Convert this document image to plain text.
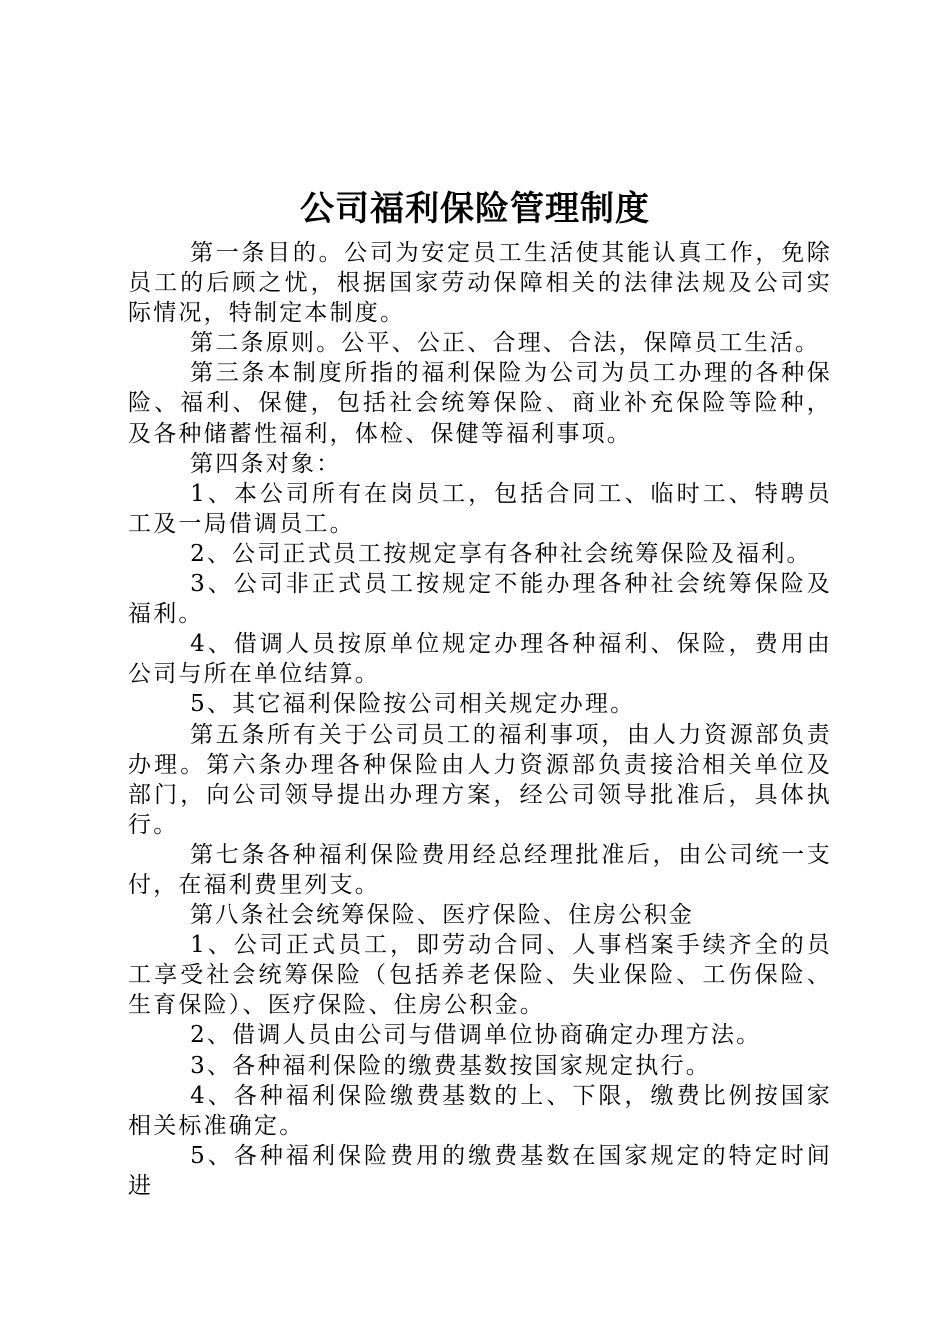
公司福利保险管理制度

第一条目的。公司为安定员工生活使其能认真工作，免除员工的后顾之忧，根据国家劳动保障相关的法律法规及公司实际情况，特制定本制度。

第二条原则。公平、公正、合理、合法，保障员工生活。

第三条本制度所指的福利保险为公司为员工办理的各种保险、福利、保健，包括社会统筹保险、商业补充保险等险种，及各种储蓄性福利，体检、保健等福利事项。

第四条对象：

1、本公司所有在岗员工，包括合同工、临时工、特聘员工及一局借调员工。

2、公司正式员工按规定享有各种社会统筹保险及福利。

3、公司非正式员工按规定不能办理各种社会统筹保险及福利。

4、借调人员按原单位规定办理各种福利、保险，费用由公司与所在单位结算。

5、其它福利保险按公司相关规定办理。

第五条所有关于公司员工的福利事项，由人力资源部负责办理。第六条办理各种保险由人力资源部负责接洽相关单位及部门，向公司领导提出办理方案，经公司领导批准后，具体执行。

第七条各种福利保险费用经总经理批准后，由公司统一支付，在福利费里列支。

第八条社会统筹保险、医疗保险、住房公积金

1、公司正式员工，即劳动合同、人事档案手续齐全的员工享受社会统筹保险（包括养老保险、失业保险、工伤保险、生育保险）、医疗保险、住房公积金。

2、借调人员由公司与借调单位协商确定办理方法。

3、各种福利保险的缴费基数按国家规定执行。

4、各种福利保险缴费基数的上、下限，缴费比例按国家相关标准确定。

5、各种福利保险费用的缴费基数在国家规定的特定时间进
